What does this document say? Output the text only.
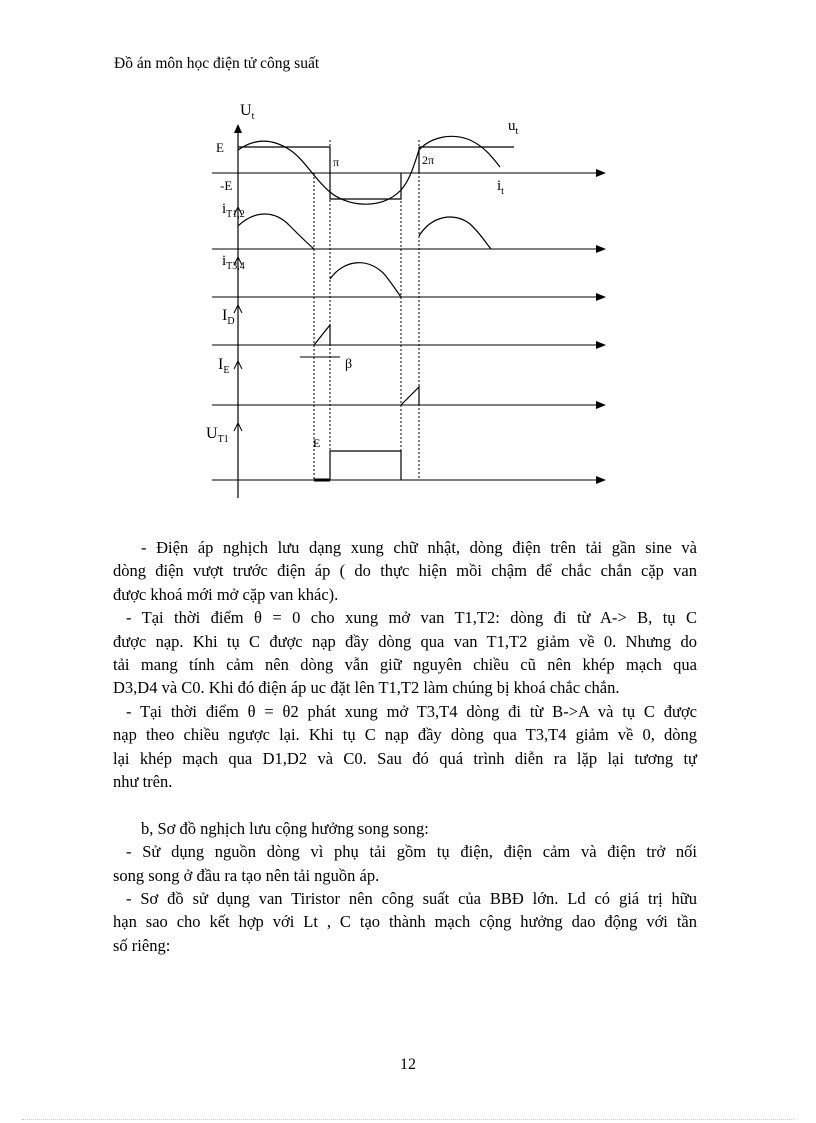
Đồ án môn học điện tử công suất
$U_t$
$u_t$
E
-E
π	2π
$i_t$
$i_{T1,2}$
$i_{T3,4}$
$I_D$
$I_E$	β
$U_{T1}$	E

- Điện áp nghịch lưu dạng xung chữ nhật, dòng điện trên tải gần sine và

dòng điện vượt trước điện áp ( do thực hiện mồi chậm để chắc chắn cặp van

được khoá mới mở cặp van khác).

- Tại thời điểm θ = 0 cho xung mở van T1,T2: dòng đi từ A-> B, tụ C

được nạp. Khi tụ C được nạp đầy dòng qua van T1,T2 giảm về 0. Nhưng do

tải mang tính cảm nên dòng vẫn giữ nguyên chiều cũ nên khép mạch qua

D3,D4 và C0. Khi đó điện áp uc đặt lên T1,T2 làm chúng bị khoá chắc chắn.

- Tại thời điểm θ = θ2 phát xung mở T3,T4 dòng đi từ B->A và tụ C được

nạp theo chiều ngược lại. Khi tụ C nạp đầy dòng qua T3,T4 giảm về 0, dòng

lại khép mạch qua D1,D2 và C0. Sau đó quá trình diễn ra lặp lại tương tự

như trên.

b, Sơ đồ nghịch lưu cộng hưởng song song:

- Sử dụng nguồn dòng vì phụ tải gồm tụ điện, điện cảm và điện trở nối

song song ở đầu ra tạo nên tải nguồn áp.

- Sơ đồ sử dụng van Tiristor nên công suất của BBĐ lớn. Ld có giá trị hữu

hạn sao cho kết hợp với Lt , C tạo thành mạch cộng hưởng dao động với tần

số riêng:

12
